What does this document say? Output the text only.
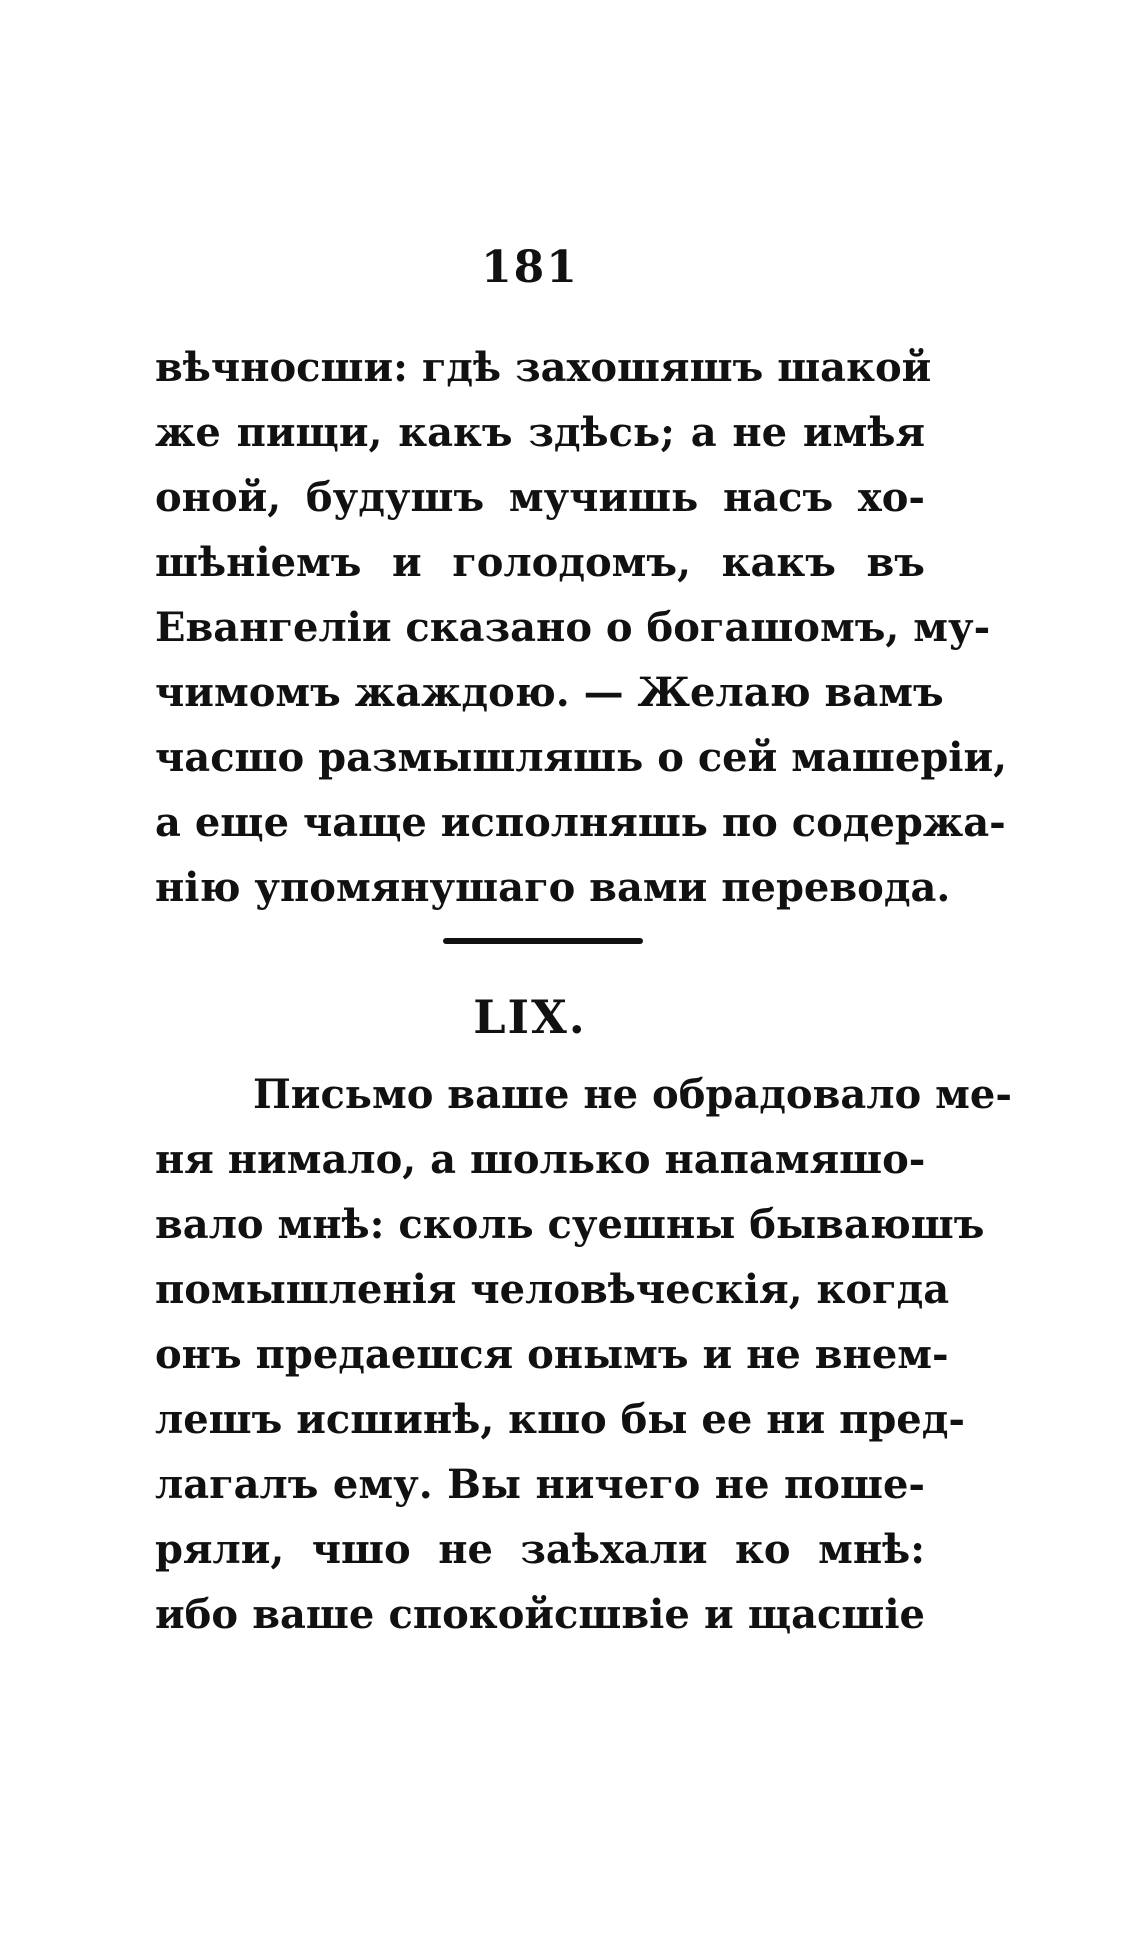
181
вѣчносши: гдѣ захошяшъ шакой
же пищи, какъ здѣсь; а не имѣя
оной, будушъ мучишь насъ хо-
шѣніемъ и голодомъ, какъ въ
Евангеліи сказано о богашомъ, му-
чимомъ жаждою. — Желаю вамъ
часшо размышляшь о сей машеріи,
а еще чаще исполняшь по содержа-
нію упомянушаго вами перевода.
LIX.
Письмо ваше не обрадовало ме-
ня нимало, а шолько напамяшо-
вало мнѣ: сколь суешны бываюшъ
помышленія человѣческія, когда
онъ предаешся онымъ и не внем-
лешъ исшинѣ, кшо бы ее ни пред-
лагалъ ему. Вы ничего не поше-
ряли, чшо не заѣхали ко мнѣ:
ибо ваше спокойсшвіе и щасшіе
